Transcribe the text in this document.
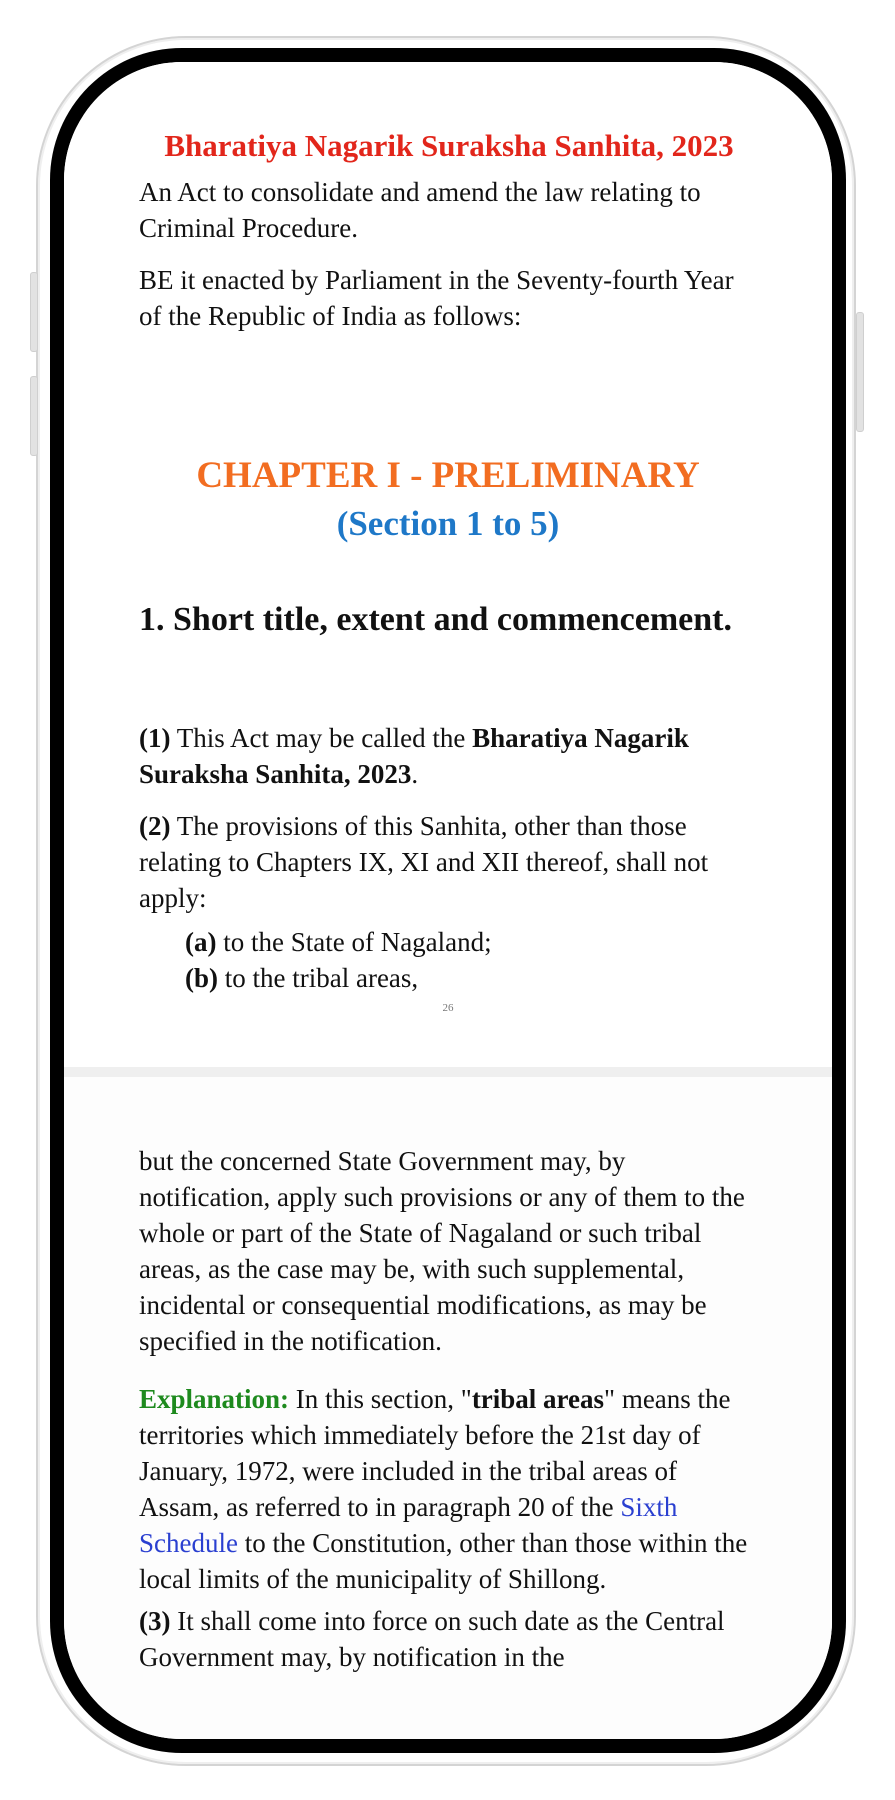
Bharatiya Nagarik Suraksha Sanhita, 2023

An Act to consolidate and amend the law relating to Criminal Procedure.

BE it enacted by Parliament in the Seventy-fourth Year of the Republic of India as follows:

CHAPTER I - PRELIMINARY
(Section 1 to 5)
1. Short title, extent and commencement.

(1) This Act may be called the Bharatiya Nagarik Suraksha Sanhita, 2023.

(2) The provisions of this Sanhita, other than those relating to Chapters IX, XI and XII thereof, shall not apply:

(a) to the State of Nagaland;
(b) to the tribal areas,
26

but the concerned State Government may, by notification, apply such provisions or any of them to the whole or part of the State of Nagaland or such tribal areas, as the case may be, with such supplemental, incidental or consequential modifications, as may be specified in the notification.

Explanation: In this section, "tribal areas" means the territories which immediately before the 21st day of January, 1972, were included in the tribal areas of Assam, as referred to in paragraph 20 of the Sixth Schedule to the Constitution, other than those within the local limits of the municipality of Shillong.

(3) It shall come into force on such date as the Central Government may, by notification in the
